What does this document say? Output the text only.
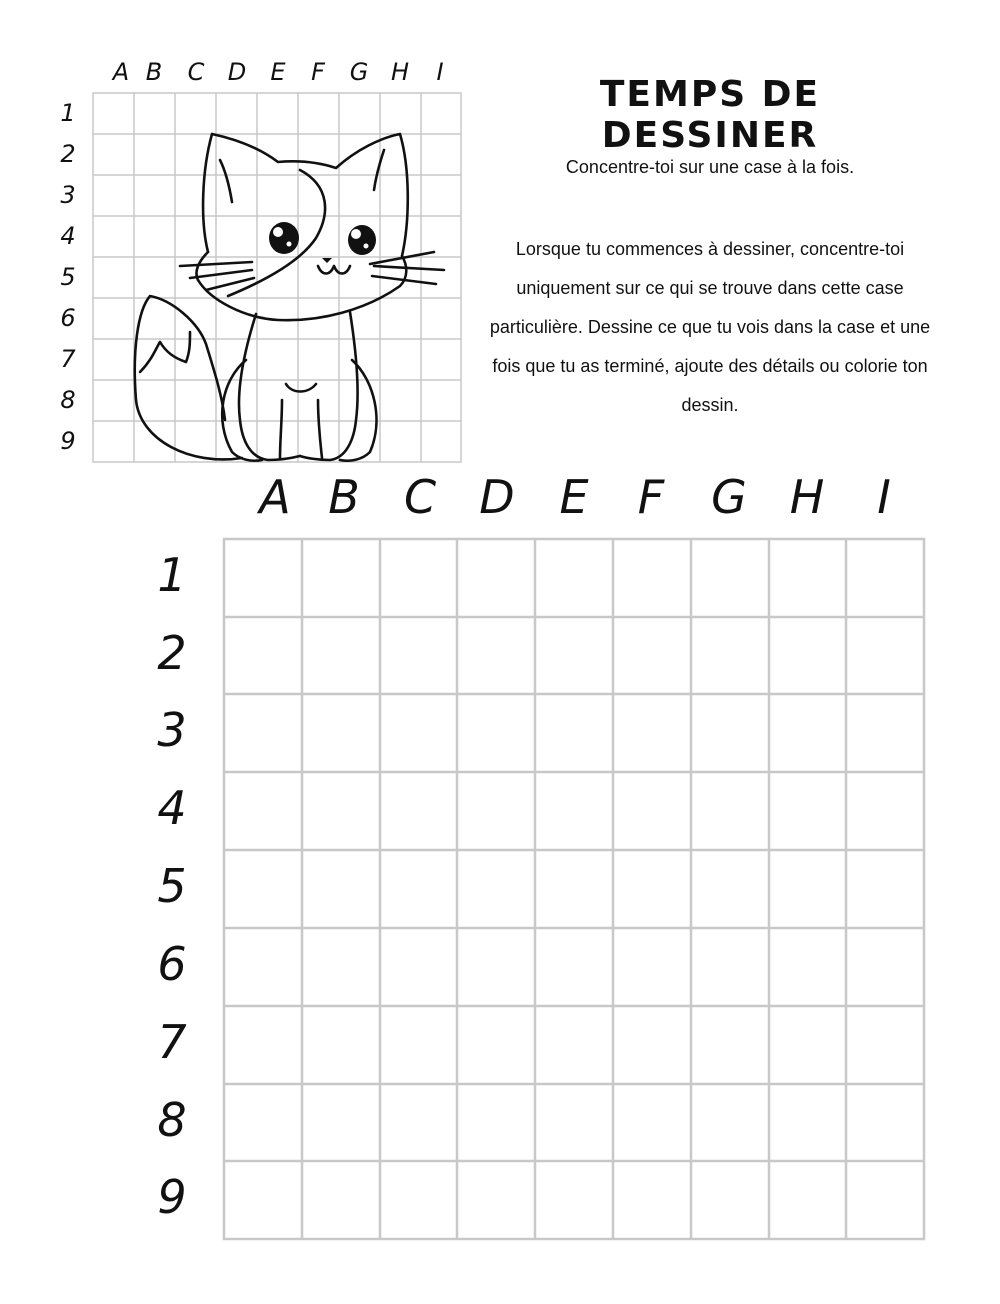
A B	C D	E	F	G H	I
1
2
3
4
5
6
7
8
9
TEMPS DE DESSINER

Concentre-toi sur une case à la fois.

Lorsque tu commences à dessiner, concentre-toi uniquement sur ce qui se trouve dans cette case particulière. Dessine ce que tu vois dans la case et une fois que tu as terminé, ajoute des détails ou colorie ton dessin.

A B C D E	F	G H	I
1
2
3
4
5
6
7
8
9
